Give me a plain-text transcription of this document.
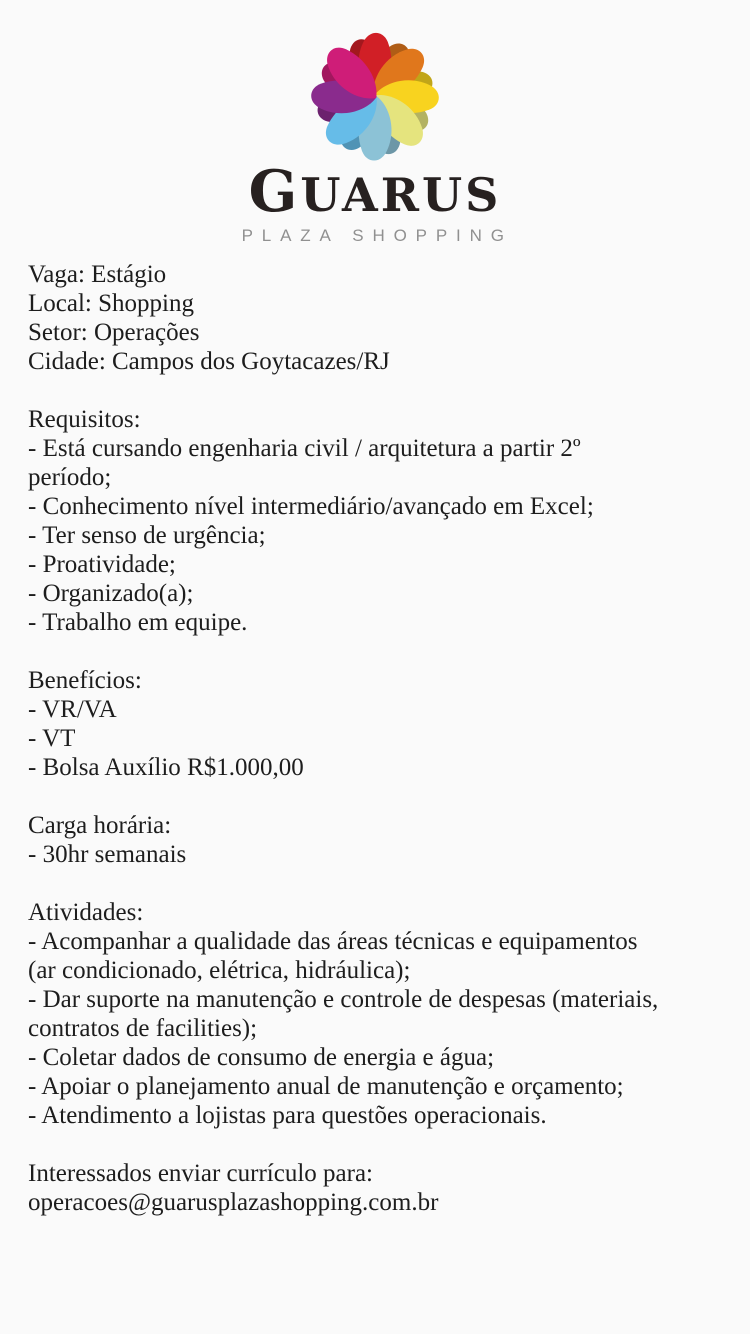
GUARUS
PLAZA SHOPPING
Vaga: Estágio
Local: Shopping
Setor: Operações
Cidade: Campos dos Goytacazes/RJ
Requisitos:
- Está cursando engenharia civil / arquitetura a partir 2º
período;
- Conhecimento nível intermediário/avançado em Excel;
- Ter senso de urgência;
- Proatividade;
- Organizado(a);
- Trabalho em equipe.
Benefícios:
- VR/VA
- VT
- Bolsa Auxílio R$1.000,00
Carga horária:
- 30hr semanais
Atividades:
- Acompanhar a qualidade das áreas técnicas e equipamentos
(ar condicionado, elétrica, hidráulica);
- Dar suporte na manutenção e controle de despesas (materiais,
contratos de facilities);
- Coletar dados de consumo de energia e água;
- Apoiar o planejamento anual de manutenção e orçamento;
- Atendimento a lojistas para questões operacionais.
Interessados enviar currículo para:
operacoes@guarusplazashopping.com.br
